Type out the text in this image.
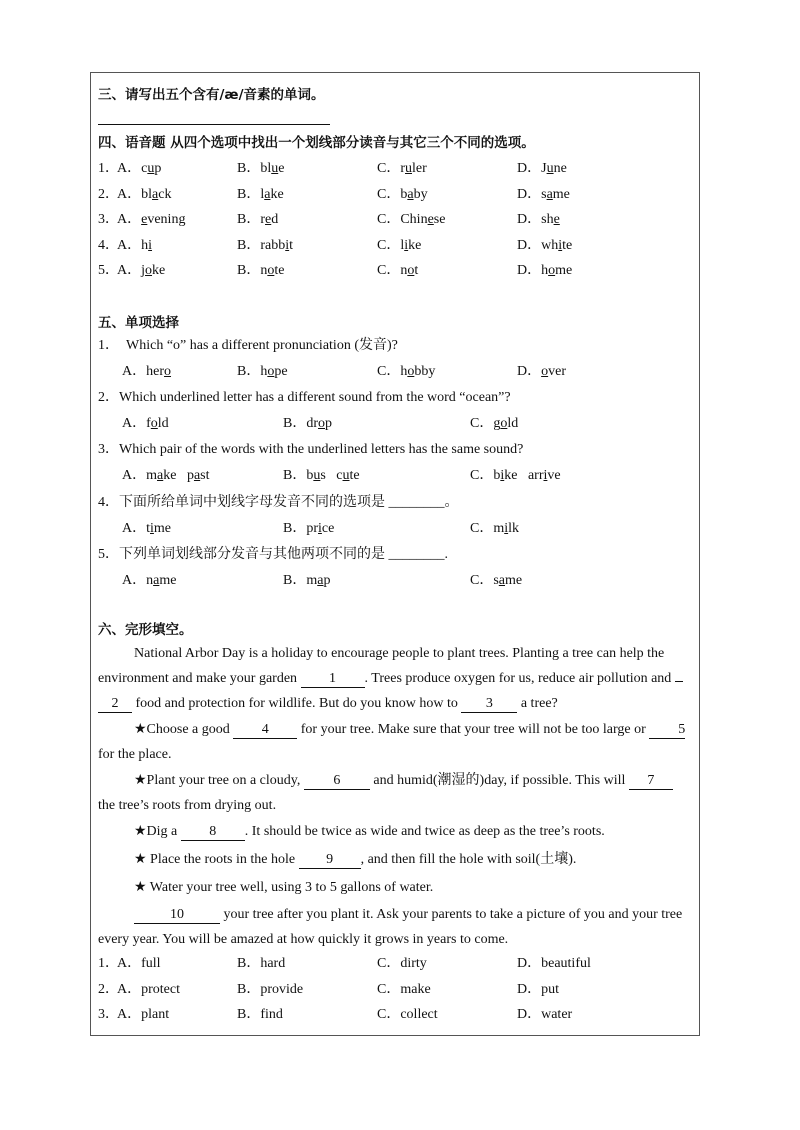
三、请写出五个含有/æ/音素的单词。
四、语音题 从四个选项中找出一个划线部分读音与其它三个不同的选项。
1．
A．cup	B．blue	C．ruler	D．June
2．
A．black	B．lake	C．baby	D．same
3．
A．evening	B．red	C．Chinese	D．she
4．
A．hi	B．rabbit	C．like	D．white
5．
A．joke	B．note	C．not	D．home
五、单项选择
1．　Which “o” has a different pronunciation (发音)?
A．hero	B．hope	C．hobby	D．over
2．Which underlined letter has a different sound from the word “ocean”?
A．fold	B．drop	C．gold
3．Which pair of the words with the underlined letters has the same sound?
A．make past	B．bus cute	C．bike arrive
4．下面所给单词中划线字母发音不同的选项是 ________。
A．time	B．price	C．milk
5．下列单词划线部分发音与其他两项不同的是 ________.
A．name	B．map	C．same
六、完形填空。
National Arbor Day is a holiday to encourage people to plant trees. Planting a tree can help the
environment and make your garden 1 . Trees produce oxygen for us, reduce air pollution and
2 food and protection for wildlife. But do you know how to 3 a tree?
★Choose a good 4 for your tree. Make sure that your tree will not be too large or 5
for the place.
★Plant your tree on a cloudy, 6 and humid(潮湿的)day, if possible. This will 7
the tree’s roots from drying out.
★Dig a 8 . It should be twice as wide and twice as deep as the tree’s roots.
★ Place the roots in the hole 9 , and then fill the hole with soil(土壤).
★ Water your tree well, using 3 to 5 gallons of water.
10	your tree after you plant it. Ask your parents to take a picture of you and your tree
every year. You will be amazed at how quickly it grows in years to come.
1．
A．full	B．hard	C．dirty	D．beautiful
2．
A．protect	B．provide	C．make	D．put
3．
A．plant	B．find	C．collect	D．water
